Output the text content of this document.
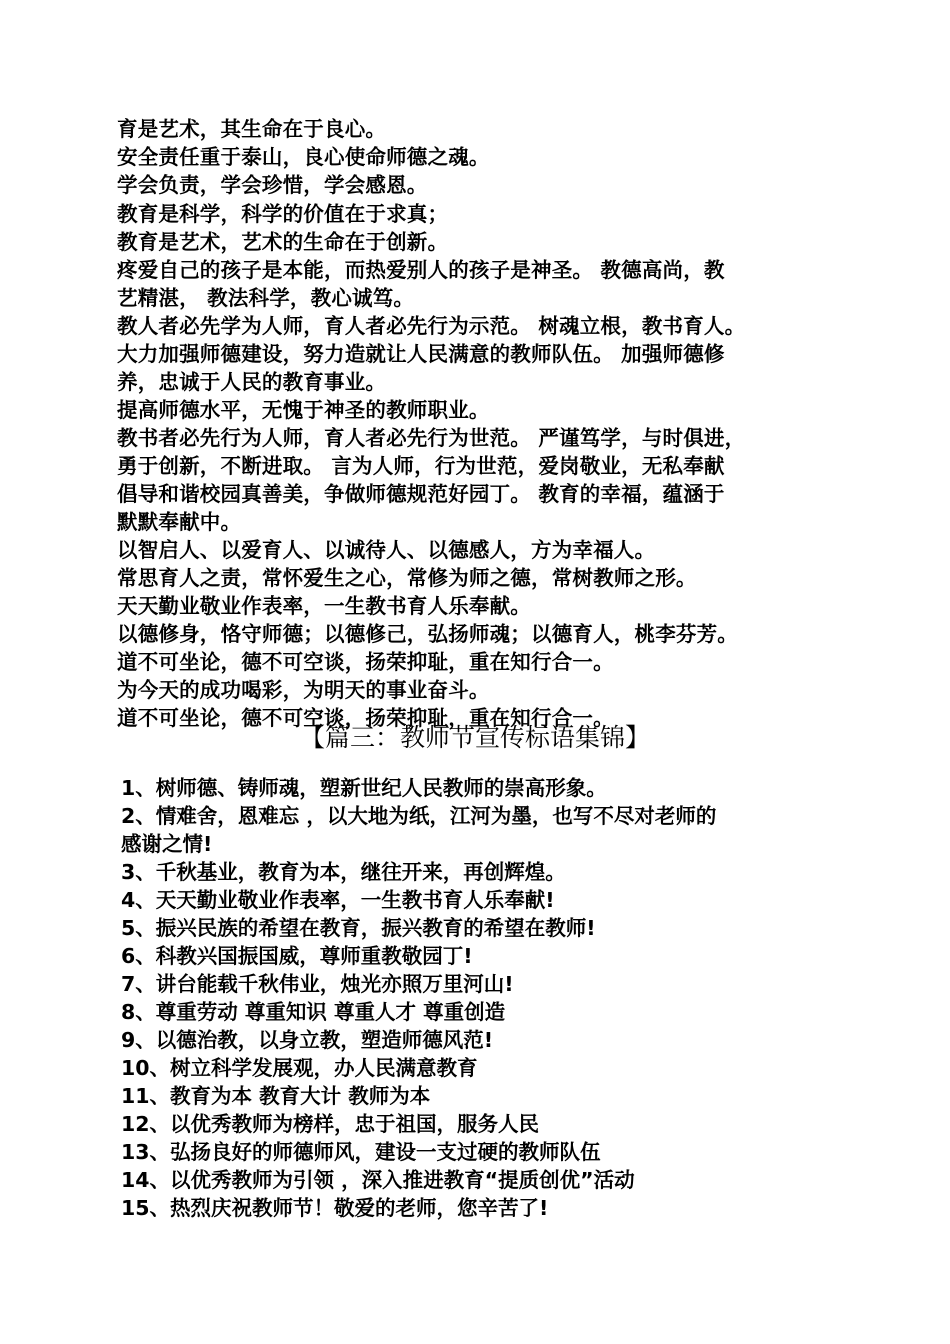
育是艺术，其生命在于良心。
安全责任重于泰山，良心使命师德之魂。
学会负责，学会珍惜，学会感恩。
教育是科学，科学的价值在于求真；
教育是艺术，艺术的生命在于创新。
疼爱自己的孩子是本能，而热爱别人的孩子是神圣。 教德高尚，教
艺精湛， 教法科学，教心诚笃。
教人者必先学为人师，育人者必先行为示范。 树魂立根，教书育人。
大力加强师德建设，努力造就让人民满意的教师队伍。 加强师德修
养，忠诚于人民的教育事业。
提高师德水平，无愧于神圣的教师职业。
教书者必先行为人师，育人者必先行为世范。 严谨笃学，与时俱进，
勇于创新，不断进取。 言为人师，行为世范，爱岗敬业，无私奉献
倡导和谐校园真善美，争做师德规范好园丁。 教育的幸福，蕴涵于
默默奉献中。
以智启人、以爱育人、以诚待人、以德感人，方为幸福人。
常思育人之责，常怀爱生之心，常修为师之德，常树教师之形。
天天勤业敬业作表率，一生教书育人乐奉献。
以德修身，恪守师德；以德修己，弘扬师魂；以德育人，桃李芬芳。
道不可坐论，德不可空谈，扬荣抑耻，重在知行合一。
为今天的成功喝彩，为明天的事业奋斗。
道不可坐论，德不可空谈，扬荣抑耻，重在知行合一。
【篇三：教师节宣传标语集锦】
1、树师德、铸师魂，塑新世纪人民教师的崇高形象。
2、情难舍，恩难忘 ，以大地为纸，江河为墨，也写不尽对老师的
感谢之情!
3、千秋基业，教育为本，继往开来，再创辉煌。
4、天天勤业敬业作表率，一生教书育人乐奉献!
5、振兴民族的希望在教育，振兴教育的希望在教师!
6、科教兴国振国威，尊师重教敬园丁!
7、讲台能载千秋伟业，烛光亦照万里河山!
8、尊重劳动 尊重知识 尊重人才 尊重创造
9、以德治教，以身立教，塑造师德风范!
10、树立科学发展观，办人民满意教育
11、教育为本 教育大计 教师为本
12、以优秀教师为榜样，忠于祖国，服务人民
13、弘扬良好的师德师风，建设一支过硬的教师队伍
14、以优秀教师为引领 ，深入推进教育“提质创优”活动
15、热烈庆祝教师节！敬爱的老师，您辛苦了!
